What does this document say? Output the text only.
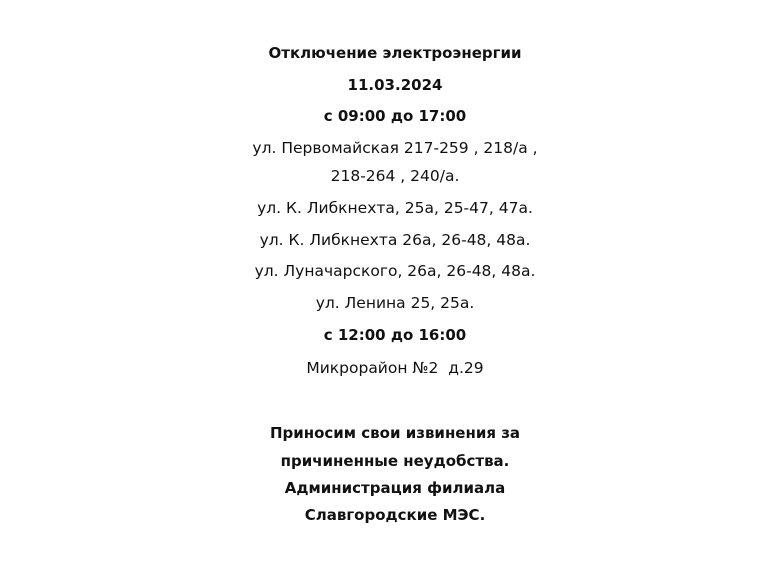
Отключение электроэнергии
11.03.2024
с 09:00 до 17:00
ул. Первомайская 217-259 , 218/а ,
218-264 , 240/а.
ул. К. Либкнехта, 25а, 25-47, 47а.
ул. К. Либкнехта 26а, 26-48, 48а.
ул. Луначарского, 26а, 26-48, 48а.
ул. Ленина 25, 25а.
с 12:00 до 16:00
Микрорайон №2  д.29
Приносим свои извинения за
причиненные неудобства.
Администрация филиала
Славгородские МЭС.
